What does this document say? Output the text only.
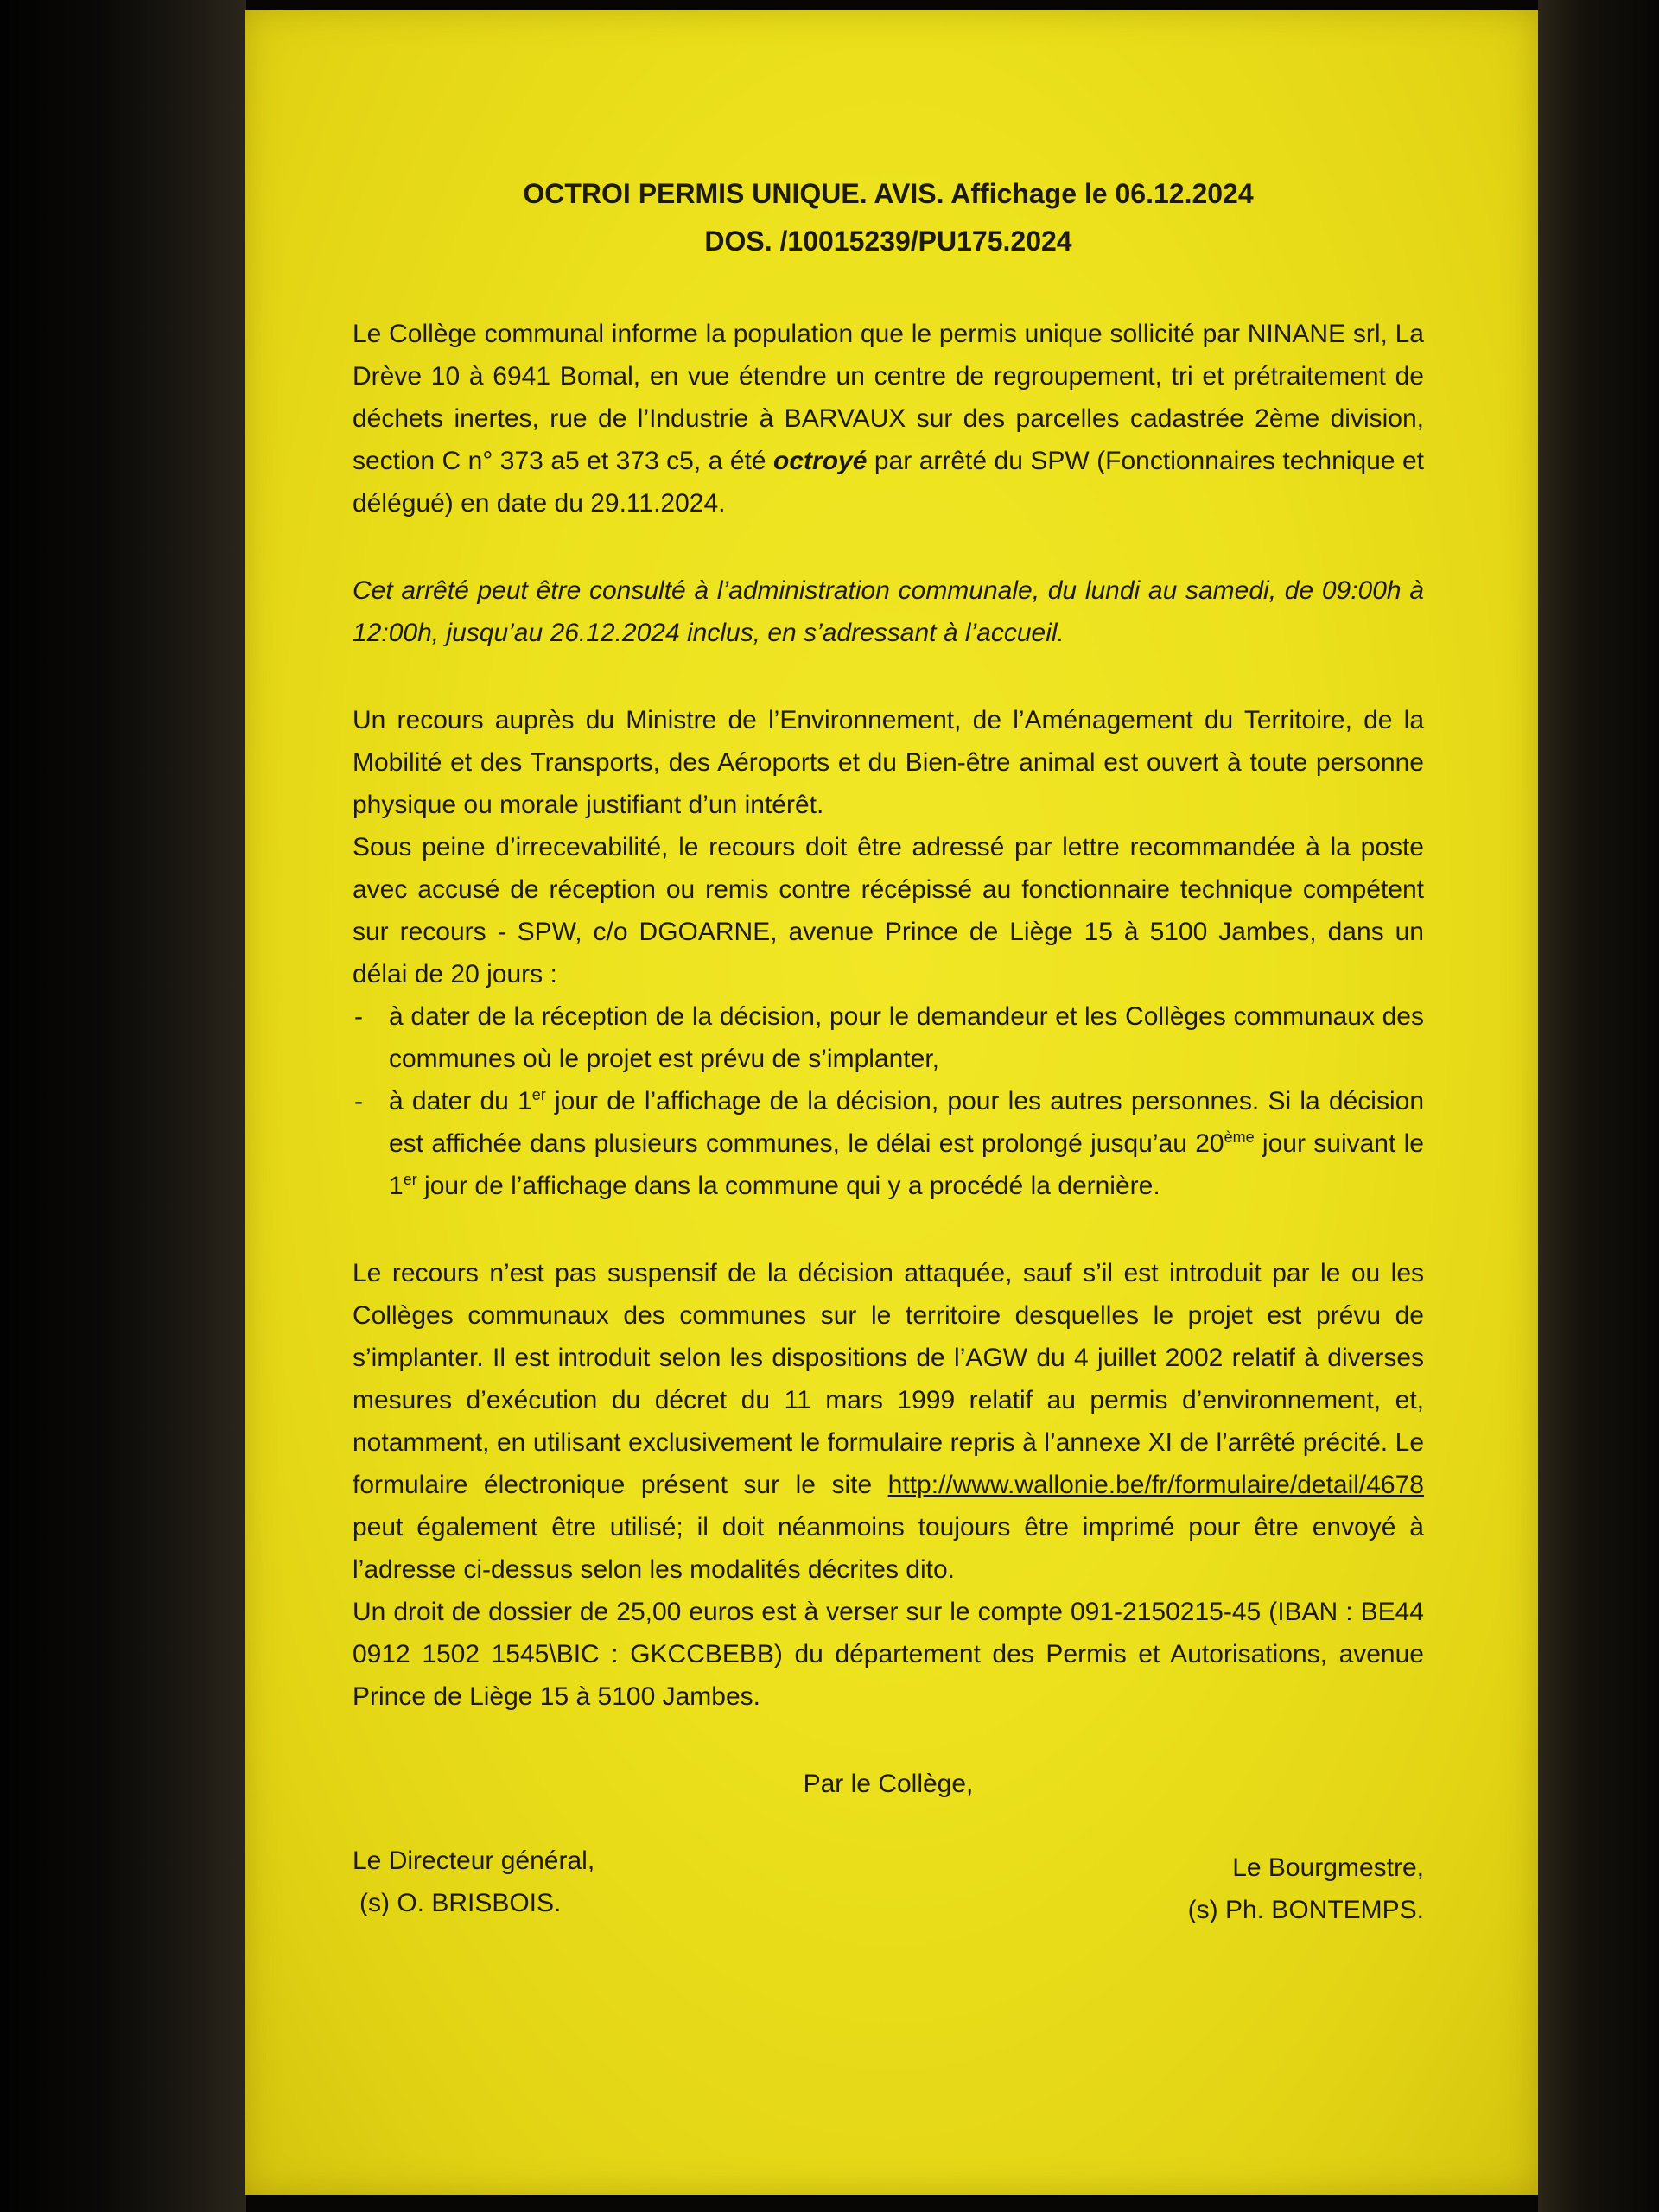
OCTROI PERMIS UNIQUE. AVIS. Affichage le 06.12.2024
DOS. /10015239/PU175.2024

Le Collège communal informe la population que le permis unique sollicité par NINANE srl, La Drève 10 à 6941 Bomal, en vue étendre un centre de regroupement, tri et prétraitement de déchets inertes, rue de l’Industrie à BARVAUX sur des parcelles cadastrée 2ème division, section C n° 373 a5 et 373 c5, a été octroyé par arrêté du SPW (Fonctionnaires technique et délégué) en date du 29.11.2024.

Cet arrêté peut être consulté à l’administration communale, du lundi au samedi, de 09:00h à 12:00h, jusqu’au 26.12.2024 inclus, en s’adressant à l’accueil.

Un recours auprès du Ministre de l’Environnement, de l’Aménagement du Territoire, de la Mobilité et des Transports, des Aéroports et du Bien-être animal est ouvert à toute personne physique ou morale justifiant d’un intérêt.

Sous peine d’irrecevabilité, le recours doit être adressé par lettre recommandée à la poste avec accusé de réception ou remis contre récépissé au fonctionnaire technique compétent sur recours - SPW, c/o DGOARNE, avenue Prince de Liège 15 à 5100 Jambes, dans un délai de 20 jours :

- à dater de la réception de la décision, pour le demandeur et les Collèges communaux des communes où le projet est prévu de s’implanter,
- à dater du 1er jour de l’affichage de la décision, pour les autres personnes. Si la décision est affichée dans plusieurs communes, le délai est prolongé jusqu’au 20ème jour suivant le 1er jour de l’affichage dans la commune qui y a procédé la dernière.

Le recours n’est pas suspensif de la décision attaquée, sauf s’il est introduit par le ou les Collèges communaux des communes sur le territoire desquelles le projet est prévu de s’implanter. Il est introduit selon les dispositions de l’AGW du 4 juillet 2002 relatif à diverses mesures d’exécution du décret du 11 mars 1999 relatif au permis d’environnement, et, notamment, en utilisant exclusivement le formulaire repris à l’annexe XI de l’arrêté précité. Le formulaire électronique présent sur le site http://www.wallonie.be/fr/formulaire/detail/4678 peut également être utilisé; il doit néanmoins toujours être imprimé pour être envoyé à l’adresse ci-dessus selon les modalités décrites dito.

Un droit de dossier de 25,00 euros est à verser sur le compte 091-2150215-45 (IBAN : BE44 0912 1502 1545\BIC : GKCCBEBB) du département des Permis et Autorisations, avenue Prince de Liège 15 à 5100 Jambes.

Par le Collège,
Le Directeur général,
(s) O. BRISBOIS.
Le Bourgmestre,
(s) Ph. BONTEMPS.
